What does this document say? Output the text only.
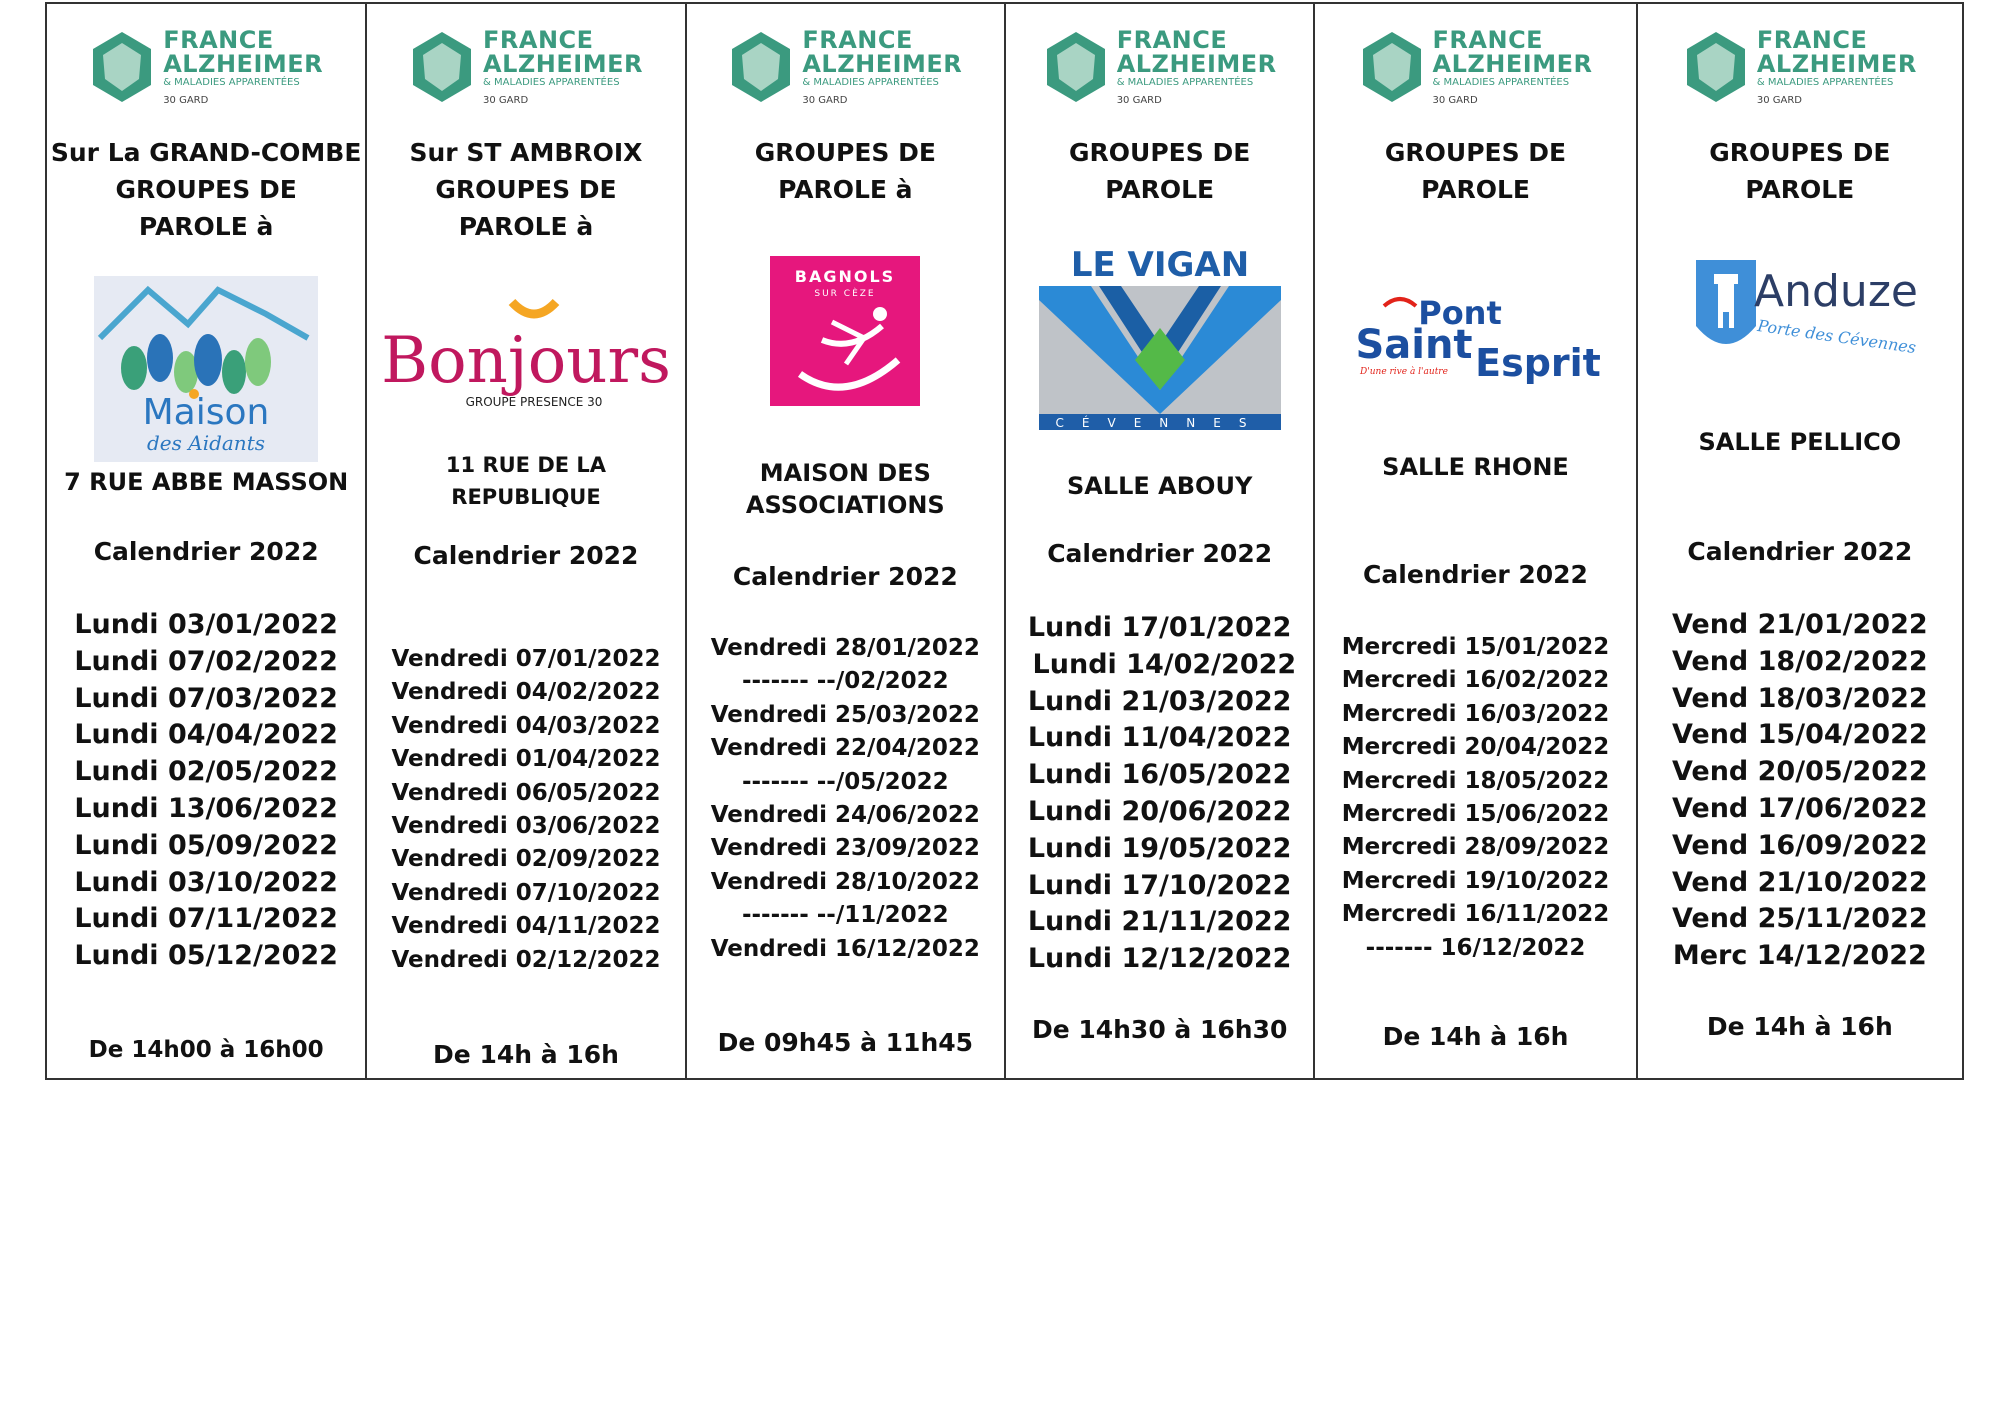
FRANCE
ALZHEIMER
& MALADIES APPARENTÉES
30 GARD
Sur La GRAND-COMBE
GROUPES DE
PAROLE à
Maison
des Aidants
7 RUE ABBE MASSON
Calendrier 2022
Lundi 03/01/2022
Lundi 07/02/2022
Lundi 07/03/2022
Lundi 04/04/2022
Lundi 02/05/2022
Lundi 13/06/2022
Lundi 05/09/2022
Lundi 03/10/2022
Lundi 07/11/2022
Lundi 05/12/2022
De 14h00 à 16h00
FRANCE
ALZHEIMER
& MALADIES APPARENTÉES
30 GARD
Sur ST AMBROIX
GROUPES DE
PAROLE à
Bonjours
GROUPE PRESENCE 30
11 RUE DE LA
REPUBLIQUE
Calendrier 2022
Vendredi 07/01/2022
Vendredi 04/02/2022
Vendredi 04/03/2022
Vendredi 01/04/2022
Vendredi 06/05/2022
Vendredi 03/06/2022
Vendredi 02/09/2022
Vendredi 07/10/2022
Vendredi 04/11/2022
Vendredi 02/12/2022
De 14h à 16h
FRANCE
ALZHEIMER
& MALADIES APPARENTÉES
30 GARD
GROUPES DE
PAROLE à
BAGNOLS
SUR CÈZE
MAISON DES
ASSOCIATIONS
Calendrier 2022
Vendredi 28/01/2022
------- --/02/2022
Vendredi 25/03/2022
Vendredi 22/04/2022
------- --/05/2022
Vendredi 24/06/2022
Vendredi 23/09/2022
Vendredi 28/10/2022
------- --/11/2022
Vendredi 16/12/2022
De 09h45 à 11h45
FRANCE
ALZHEIMER
& MALADIES APPARENTÉES
30 GARD
GROUPES DE
PAROLE
LE VIGAN
CÉVENNES
SALLE ABOUY
Calendrier 2022
Lundi 17/01/2022
Lundi 14/02/2022
Lundi 21/03/2022
Lundi 11/04/2022
Lundi 16/05/2022
Lundi 20/06/2022
Lundi 19/05/2022
Lundi 17/10/2022
Lundi 21/11/2022
Lundi 12/12/2022
De 14h30 à 16h30
FRANCE
ALZHEIMER
& MALADIES APPARENTÉES
30 GARD
GROUPES DE
PAROLE
Pont
Saint Esprit
D'une rive à l'autre
SALLE RHONE
Calendrier 2022
Mercredi 15/01/2022
Mercredi 16/02/2022
Mercredi 16/03/2022
Mercredi 20/04/2022
Mercredi 18/05/2022
Mercredi 15/06/2022
Mercredi 28/09/2022
Mercredi 19/10/2022
Mercredi 16/11/2022
------- 16/12/2022
De 14h à 16h
FRANCE
ALZHEIMER
& MALADIES APPARENTÉES
30 GARD
GROUPES DE
PAROLE
Anduze
Porte des Cévennes
SALLE PELLICO
Calendrier 2022
Vend 21/01/2022
Vend 18/02/2022
Vend 18/03/2022
Vend 15/04/2022
Vend 20/05/2022
Vend 17/06/2022
Vend 16/09/2022
Vend 21/10/2022
Vend 25/11/2022
Merc 14/12/2022
De 14h à 16h
